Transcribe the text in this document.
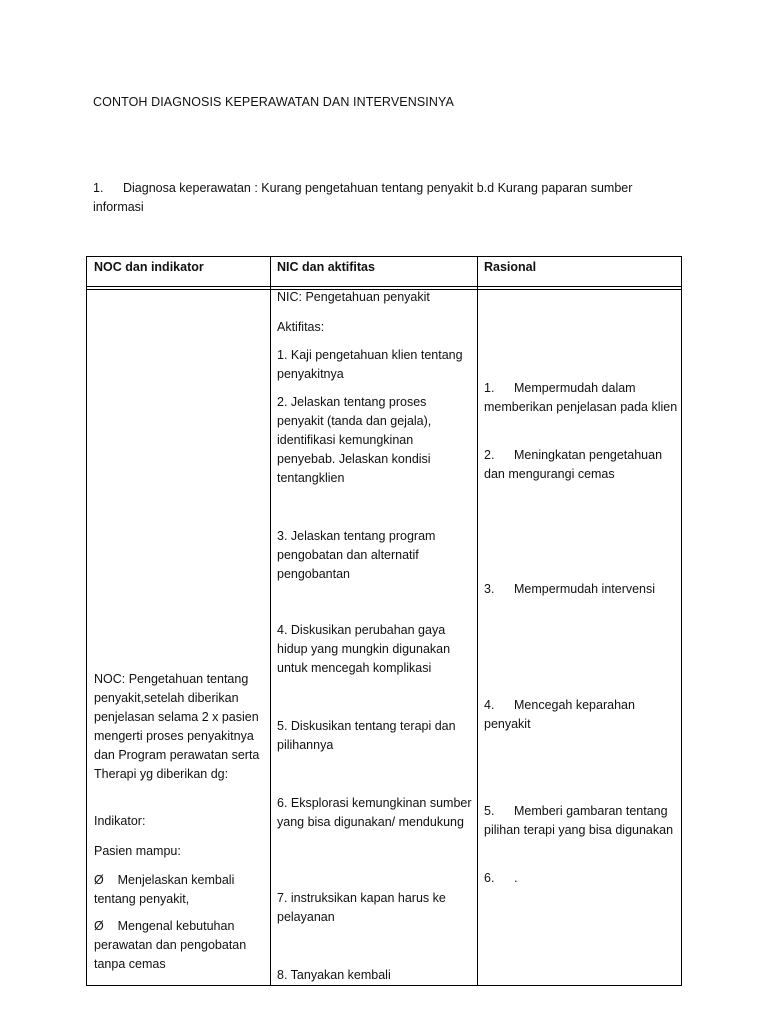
CONTOH DIAGNOSIS KEPERAWATAN DAN INTERVENSINYA
1. Diagnosa keperawatan : Kurang pengetahuan tentang penyakit b.d Kurang paparan sumber informasi
NOC dan indikator	NIC dan aktifitas	Rasional
NOC: Pengetahuan tentang penyakit,setelah diberikan penjelasan selama 2 x pasien mengerti proses penyakitnya dan Program perawatan serta Therapi yg diberikan dg:
Indikator:
Pasien mampu:
Ø Menjelaskan kembali tentang penyakit,
Ø Mengenal kebutuhan perawatan dan pengobatan tanpa cemas
NIC: Pengetahuan penyakit
Aktifitas:
1. Kaji pengetahuan klien tentang penyakitnya
2. Jelaskan tentang proses penyakit (tanda dan gejala), identifikasi kemungkinan penyebab. Jelaskan kondisi tentangklien
3. Jelaskan tentang program pengobatan dan alternatif pengobantan
4. Diskusikan perubahan gaya hidup yang mungkin digunakan untuk mencegah komplikasi
5. Diskusikan tentang terapi dan pilihannya
6. Eksplorasi kemungkinan sumber yang bisa digunakan/ mendukung
7. instruksikan kapan harus ke pelayanan
8. Tanyakan kembali
1. Mempermudah dalam memberikan penjelasan pada klien
2. Meningkatan pengetahuan dan mengurangi cemas
3. Mempermudah intervensi
4. Mencegah keparahan penyakit
5. Memberi gambaran tentang pilihan terapi yang bisa digunakan
6. .
